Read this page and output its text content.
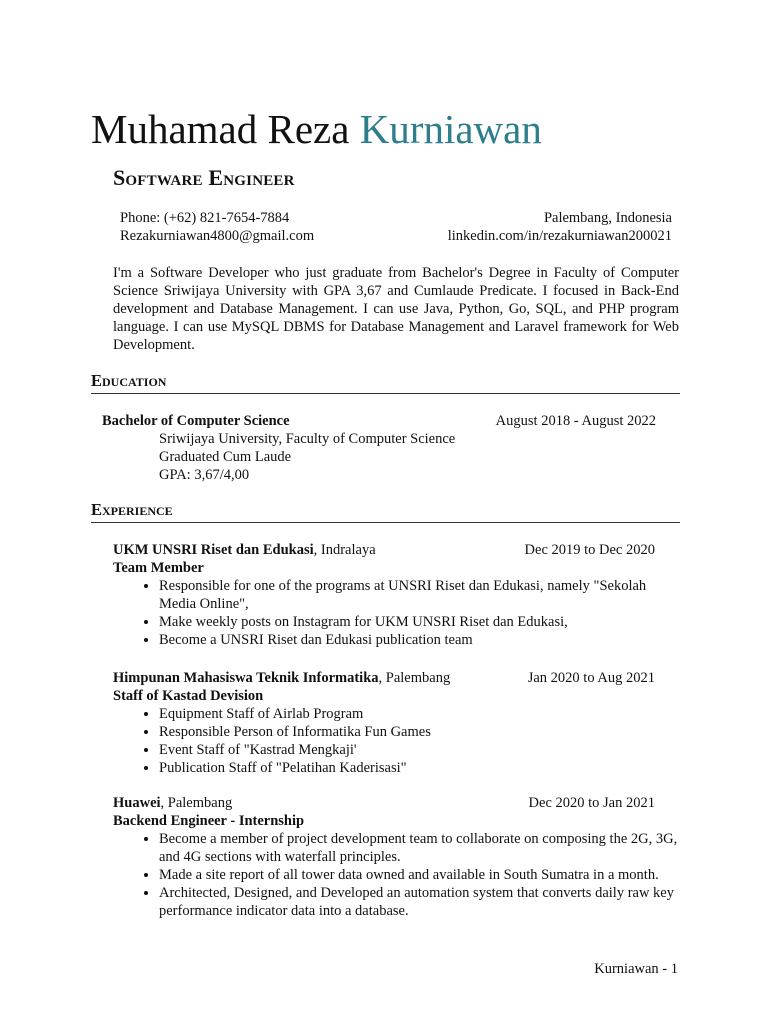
Muhamad Reza Kurniawan
Software Engineer
Phone: (+62) 821-7654-7884	Palembang, Indonesia
Rezakurniawan4800@gmail.com	linkedin.com/in/rezakurniawan200021
I'm a Software Developer who just graduate from Bachelor's Degree in Faculty of Computer Science Sriwijaya University with GPA 3,67 and Cumlaude Predicate. I focused in Back-End development and Database Management. I can use Java, Python, Go, SQL, and PHP program language. I can use MySQL DBMS for Database Management and Laravel framework for Web Development.
Education
Bachelor of Computer Science	August 2018 - August 2022
Sriwijaya University, Faculty of Computer Science
Graduated Cum Laude
GPA: 3,67/4,00
Experience
UKM UNSRI Riset dan Edukasi, Indralaya	Dec 2019 to Dec 2020
Team Member
• Responsible for one of the programs at UNSRI Riset dan Edukasi, namely "Sekolah Media Online",
• Make weekly posts on Instagram for UKM UNSRI Riset dan Edukasi,
• Become a UNSRI Riset dan Edukasi publication team
Himpunan Mahasiswa Teknik Informatika, Palembang	Jan 2020 to Aug 2021
Staff of Kastad Devision
• Equipment Staff of Airlab Program
• Responsible Person of Informatika Fun Games
• Event Staff of "Kastrad Mengkaji'
• Publication Staff of "Pelatihan Kaderisasi"
Huawei, Palembang	Dec 2020 to Jan 2021
Backend Engineer - Internship
• Become a member of project development team to collaborate on composing the 2G, 3G, and 4G sections with waterfall principles.
• Made a site report of all tower data owned and available in South Sumatra in a month.
• Architected, Designed, and Developed an automation system that converts daily raw key performance indicator data into a database.
Kurniawan - 1
